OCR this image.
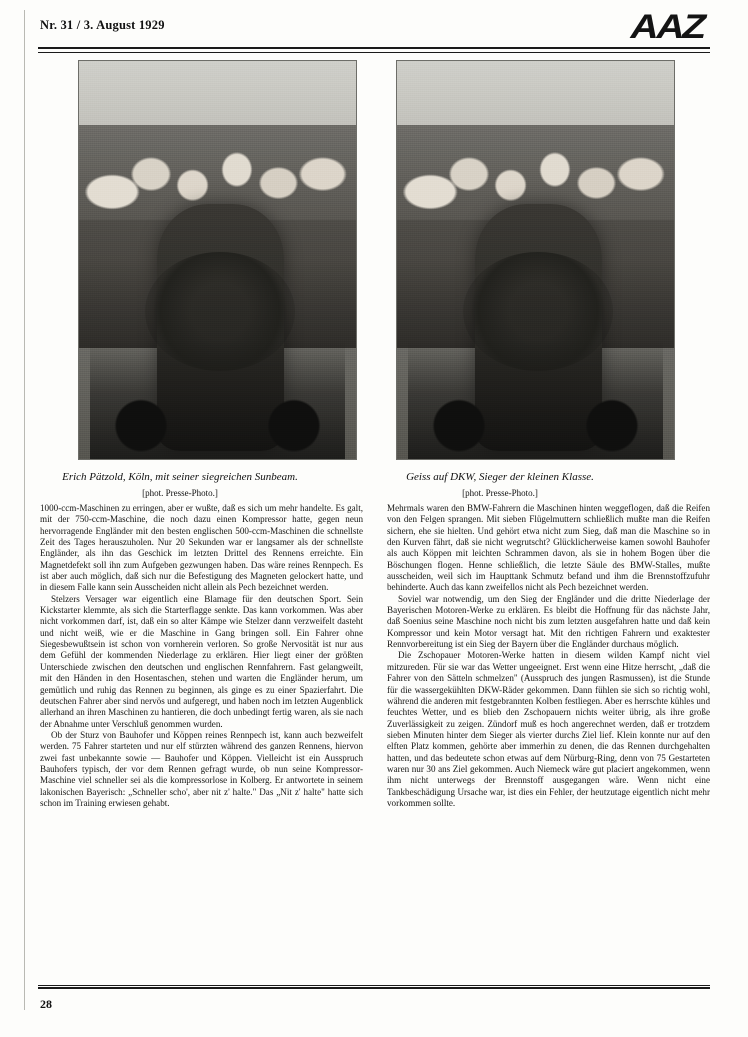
Nr. 31 / 3. August 1929	AAZ
Erich Pätzold, Köln, mit seiner siegreichen Sunbeam.
[phot. Presse-Photo.]
Geiss auf DKW, Sieger der kleinen Klasse.
[phot. Presse-Photo.]

1000-ccm-Maschinen zu erringen, aber er wußte, daß es sich um mehr handelte. Es galt, mit der 750-ccm-Maschine, die noch dazu einen Kompressor hatte, gegen neun hervorragende Engländer mit den besten englischen 500-ccm-Maschinen die schnellste Zeit des Tages herauszuholen. Nur 20 Sekunden war er langsamer als der schnellste Engländer, als ihn das Geschick im letzten Drittel des Rennens erreichte. Ein Magnetdefekt soll ihn zum Aufgeben gezwungen haben. Das wäre reines Rennpech. Es ist aber auch möglich, daß sich nur die Befestigung des Magneten gelockert hatte, und in diesem Falle kann sein Ausscheiden nicht allein als Pech bezeichnet werden.

Stelzers Versager war eigentlich eine Blamage für den deutschen Sport. Sein Kickstarter klemmte, als sich die Starterflagge senkte. Das kann vorkommen. Was aber nicht vorkommen darf, ist, daß ein so alter Kämpe wie Stelzer dann verzweifelt dasteht und nicht weiß, wie er die Maschine in Gang bringen soll. Ein Fahrer ohne Siegesbewußtsein ist schon von vornherein verloren. So große Nervosität ist nur aus dem Gefühl der kommenden Niederlage zu erklären. Hier liegt einer der größten Unterschiede zwischen den deutschen und englischen Rennfahrern. Fast gelangweilt, mit den Händen in den Hosentaschen, stehen und warten die Engländer herum, um gemütlich und ruhig das Rennen zu beginnen, als ginge es zu einer Spazierfahrt. Die deutschen Fahrer aber sind nervös und aufgeregt, und haben noch im letzten Augenblick allerhand an ihren Maschinen zu hantieren, die doch unbedingt fertig waren, als sie nach der Abnahme unter Verschluß genommen wurden.

Ob der Sturz von Bauhofer und Köppen reines Rennpech ist, kann auch bezweifelt werden. 75 Fahrer starteten und nur elf stürzten während des ganzen Rennens, hiervon zwei fast unbekannte sowie — Bauhofer und Köppen. Vielleicht ist ein Ausspruch Bauhofers typisch, der vor dem Rennen gefragt wurde, ob nun seine Kompressor-Maschine viel schneller sei als die kompressorlose in Kolberg. Er antwortete in seinem lakonischen Bayerisch: „Schneller scho', aber nit z' halte." Das „Nit z' halte" hatte sich schon im Training erwiesen gehabt.

Mehrmals waren den BMW-Fahrern die Maschinen hinten weggeflogen, daß die Reifen von den Felgen sprangen. Mit sieben Flügelmuttern schließlich mußte man die Reifen sichern, ehe sie hielten. Und gehört etwa nicht zum Sieg, daß man die Maschine so in den Kurven fährt, daß sie nicht wegrutscht? Glücklicherweise kamen sowohl Bauhofer als auch Köppen mit leichten Schrammen davon, als sie in hohem Bogen über die Böschungen flogen. Henne schließlich, die letzte Säule des BMW-Stalles, mußte ausscheiden, weil sich im Haupttank Schmutz befand und ihm die Brennstoffzufuhr behinderte. Auch das kann zweifellos nicht als Pech bezeichnet werden.

Soviel war notwendig, um den Sieg der Engländer und die dritte Niederlage der Bayerischen Motoren-Werke zu erklären. Es bleibt die Hoffnung für das nächste Jahr, daß Soenius seine Maschine noch nicht bis zum letzten ausgefahren hatte und daß kein Kompressor und kein Motor versagt hat. Mit den richtigen Fahrern und exaktester Rennvorbereitung ist ein Sieg der Bayern über die Engländer durchaus möglich.

Die Zschopauer Motoren-Werke hatten in diesem wilden Kampf nicht viel mitzureden. Für sie war das Wetter ungeeignet. Erst wenn eine Hitze herrscht, „daß die Fahrer von den Sätteln schmelzen" (Ausspruch des jungen Rasmussen), ist die Stunde für die wassergekühlten DKW-Räder gekommen. Dann fühlen sie sich so richtig wohl, während die anderen mit festgebrannten Kolben festliegen. Aber es herrschte kühles und feuchtes Wetter, und es blieb den Zschopauern nichts weiter übrig, als ihre große Zuverlässigkeit zu zeigen. Zündorf muß es hoch angerechnet werden, daß er trotzdem sieben Minuten hinter dem Sieger als vierter durchs Ziel lief. Klein konnte nur auf den elften Platz kommen, gehörte aber immerhin zu denen, die das Rennen durchgehalten hatten, und das bedeutete schon etwas auf dem Nürburg-Ring, denn von 75 Gestarteten waren nur 30 ans Ziel gekommen. Auch Niemeck wäre gut placiert angekommen, wenn ihm nicht unterwegs der Brennstoff ausgegangen wäre. Wenn nicht eine Tankbeschädigung Ursache war, ist dies ein Fehler, der heutzutage eigentlich nicht mehr vorkommen sollte.

28
